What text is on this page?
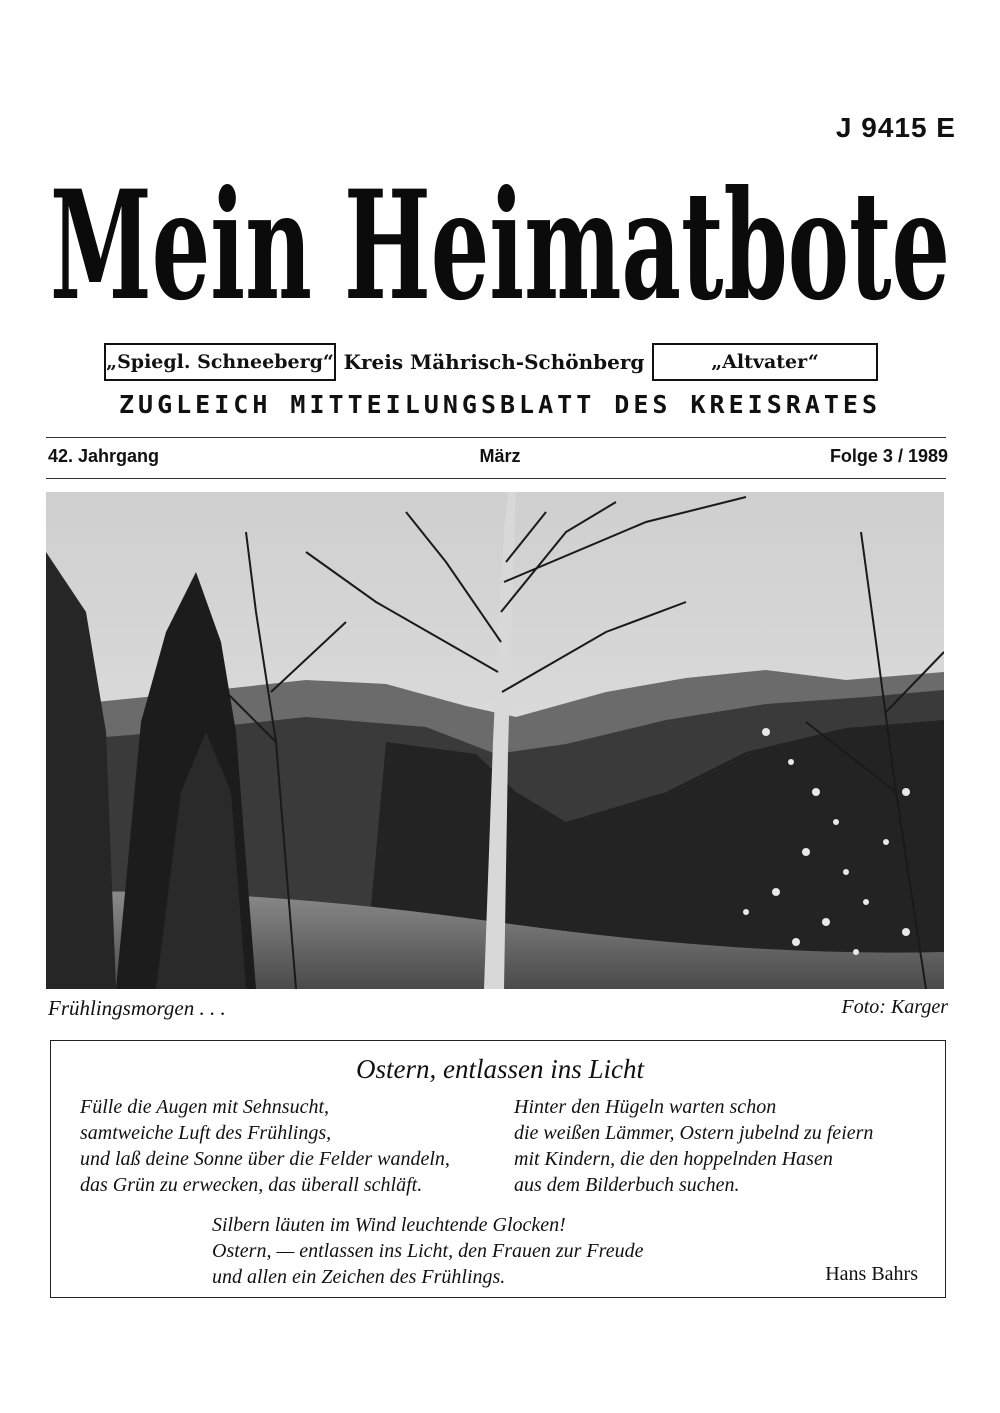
J 9415 E
Mein Heimatbote
„Spiegl. Schneeberg“ Kreis Mährisch-Schönberg	„Altvater“
ZUGLEICH MITTEILUNGSBLATT DES KREISRATES
42. Jahrgang	März	Folge 3 / 1989
Frühlingsmorgen . . .	Foto: Karger
Ostern, entlassen ins Licht
Fülle die Augen mit Sehnsucht,
samtweiche Luft des Frühlings,
und laß deine Sonne über die Felder wandeln,
das Grün zu erwecken, das überall schläft.
Hinter den Hügeln warten schon
die weißen Lämmer, Ostern jubelnd zu feiern
mit Kindern, die den hoppelnden Hasen
aus dem Bilderbuch suchen.
Silbern läuten im Wind leuchtende Glocken!
Ostern, — entlassen ins Licht, den Frauen zur Freude
und allen ein Zeichen des Frühlings.	Hans Bahrs
